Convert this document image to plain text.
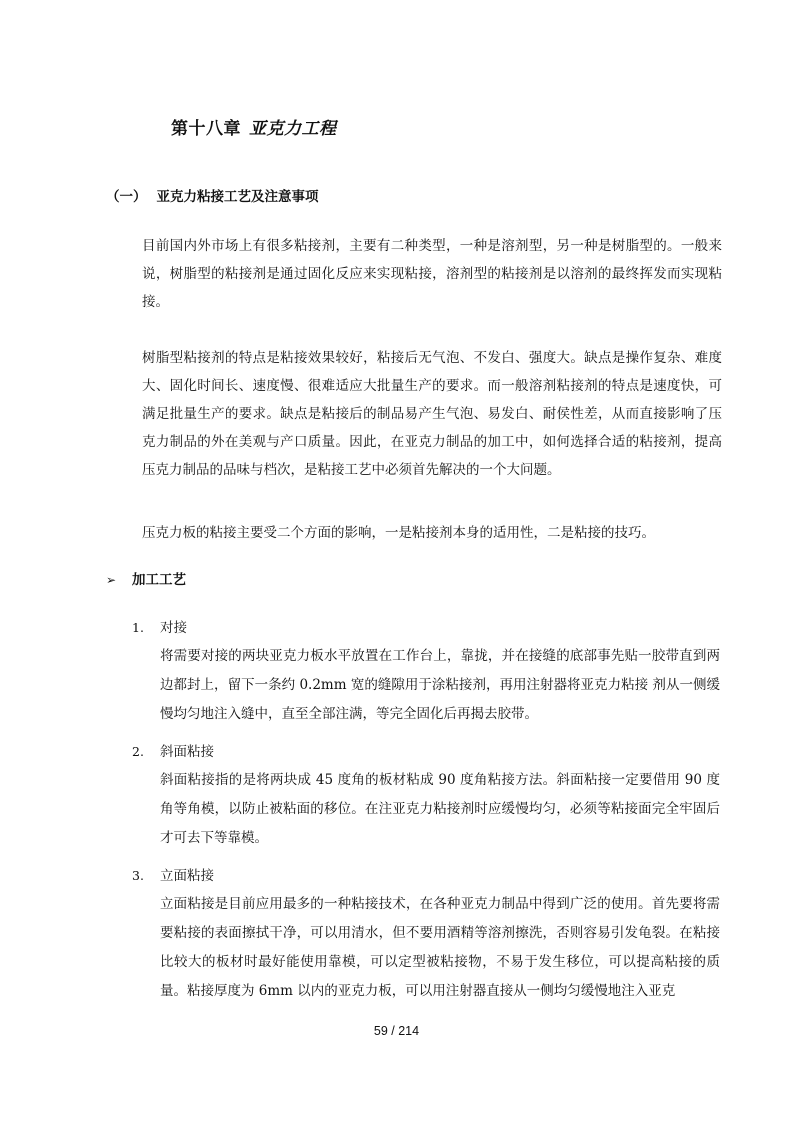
第十八章 亚克力工程
（一） 亚克力粘接工艺及注意事项

目前国内外市场上有很多粘接剂，主要有二种类型，一种是溶剂型，另一种是树脂型的。一般来说，树脂型的粘接剂是通过固化反应来实现粘接，溶剂型的粘接剂是以溶剂的最终挥发而实现粘接。

树脂型粘接剂的特点是粘接效果较好，粘接后无气泡、不发白、强度大。缺点是操作复杂、难度大、固化时间长、速度慢、很难适应大批量生产的要求。而一般溶剂粘接剂的特点是速度快，可满足批量生产的要求。缺点是粘接后的制品易产生气泡、易发白、耐侯性差，从而直接影响了压克力制品的外在美观与产口质量。因此，在亚克力制品的加工中，如何选择合适的粘接剂，提高压克力制品的品味与档次，是粘接工艺中必须首先解决的一个大问题。

压克力板的粘接主要受二个方面的影响，一是粘接剂本身的适用性，二是粘接的技巧。

➢ 加工工艺
1. 对接

将需要对接的两块亚克力板水平放置在工作台上，靠拢，并在接缝的底部事先贴一胶带直到两边都封上，留下一条约 0.2mm 宽的缝隙用于涂粘接剂，再用注射器将亚克力粘接 剂从一侧缓慢均匀地注入缝中，直至全部注满，等完全固化后再揭去胶带。

2. 斜面粘接

斜面粘接指的是将两块成 45 度角的板材粘成 90 度角粘接方法。斜面粘接一定要借用 90 度角等角模，以防止被粘面的移位。在注亚克力粘接剂时应缓慢均匀，必须等粘接面完全牢固后才可去下等靠模。

3. 立面粘接

立面粘接是目前应用最多的一种粘接技术，在各种亚克力制品中得到广泛的使用。首先要将需要粘接的表面擦拭干净，可以用清水，但不要用酒精等溶剂擦洗，否则容易引发龟裂。在粘接比较大的板材时最好能使用靠模，可以定型被粘接物，不易于发生移位，可以提高粘接的质量。粘接厚度为 6mm 以内的亚克力板，可以用注射器直接从一侧均匀缓慢地注入亚克

59 / 214
